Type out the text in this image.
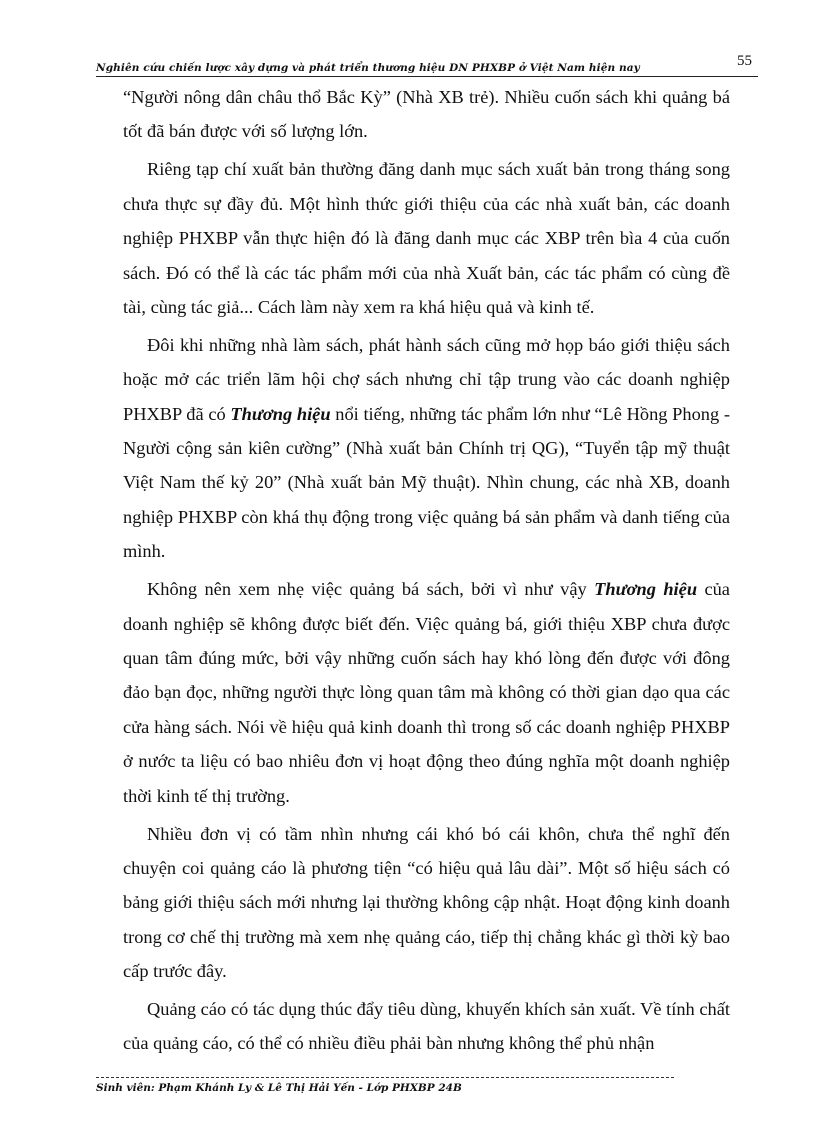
Nghiên cứu chiến lược xây dựng và phát triển thương hiệu DN PHXBP ở Việt Nam hiện nay	55

“Người nông dân châu thổ Bắc Kỳ” (Nhà XB trẻ). Nhiều cuốn sách khi quảng bá tốt đã bán được với số lượng lớn.

Riêng tạp chí xuất bản thường đăng danh mục sách xuất bản trong tháng song chưa thực sự đầy đủ. Một hình thức giới thiệu của các nhà xuất bản, các doanh nghiệp PHXBP vẫn thực hiện đó là đăng danh mục các XBP trên bìa 4 của cuốn sách. Đó có thể là các tác phẩm mới của nhà Xuất bản, các tác phẩm có cùng đề tài, cùng tác giả... Cách làm này xem ra khá hiệu quả và kinh tế.

Đôi khi những nhà làm sách, phát hành sách cũng mở họp báo giới thiệu sách hoặc mở các triển lãm hội chợ sách nhưng chỉ tập trung vào các doanh nghiệp PHXBP đã có Thương hiệu nổi tiếng, những tác phẩm lớn như “Lê Hồng Phong - Người cộng sản kiên cường” (Nhà xuất bản Chính trị QG), “Tuyển tập mỹ thuật Việt Nam thế kỷ 20” (Nhà xuất bản Mỹ thuật). Nhìn chung, các nhà XB, doanh nghiệp PHXBP còn khá thụ động trong việc quảng bá sản phẩm và danh tiếng của mình.

Không nên xem nhẹ việc quảng bá sách, bởi vì như vậy Thương hiệu của doanh nghiệp sẽ không được biết đến. Việc quảng bá, giới thiệu XBP chưa được quan tâm đúng mức, bởi vậy những cuốn sách hay khó lòng đến được với đông đảo bạn đọc, những người thực lòng quan tâm mà không có thời gian dạo qua các cửa hàng sách. Nói về hiệu quả kinh doanh thì trong số các doanh nghiệp PHXBP ở nước ta liệu có bao nhiêu đơn vị hoạt động theo đúng nghĩa một doanh nghiệp thời kinh tế thị trường.

Nhiều đơn vị có tầm nhìn nhưng cái khó bó cái khôn, chưa thể nghĩ đến chuyện coi quảng cáo là phương tiện “có hiệu quả lâu dài”. Một số hiệu sách có bảng giới thiệu sách mới nhưng lại thường không cập nhật. Hoạt động kinh doanh trong cơ chế thị trường mà xem nhẹ quảng cáo, tiếp thị chẳng khác gì thời kỳ bao cấp trước đây.

Quảng cáo có tác dụng thúc đẩy tiêu dùng, khuyến khích sản xuất. Về tính chất của quảng cáo, có thể có nhiều điều phải bàn nhưng không thể phủ nhận

Sinh viên: Phạm Khánh Ly & Lê Thị Hải Yến - Lớp PHXBP 24B
